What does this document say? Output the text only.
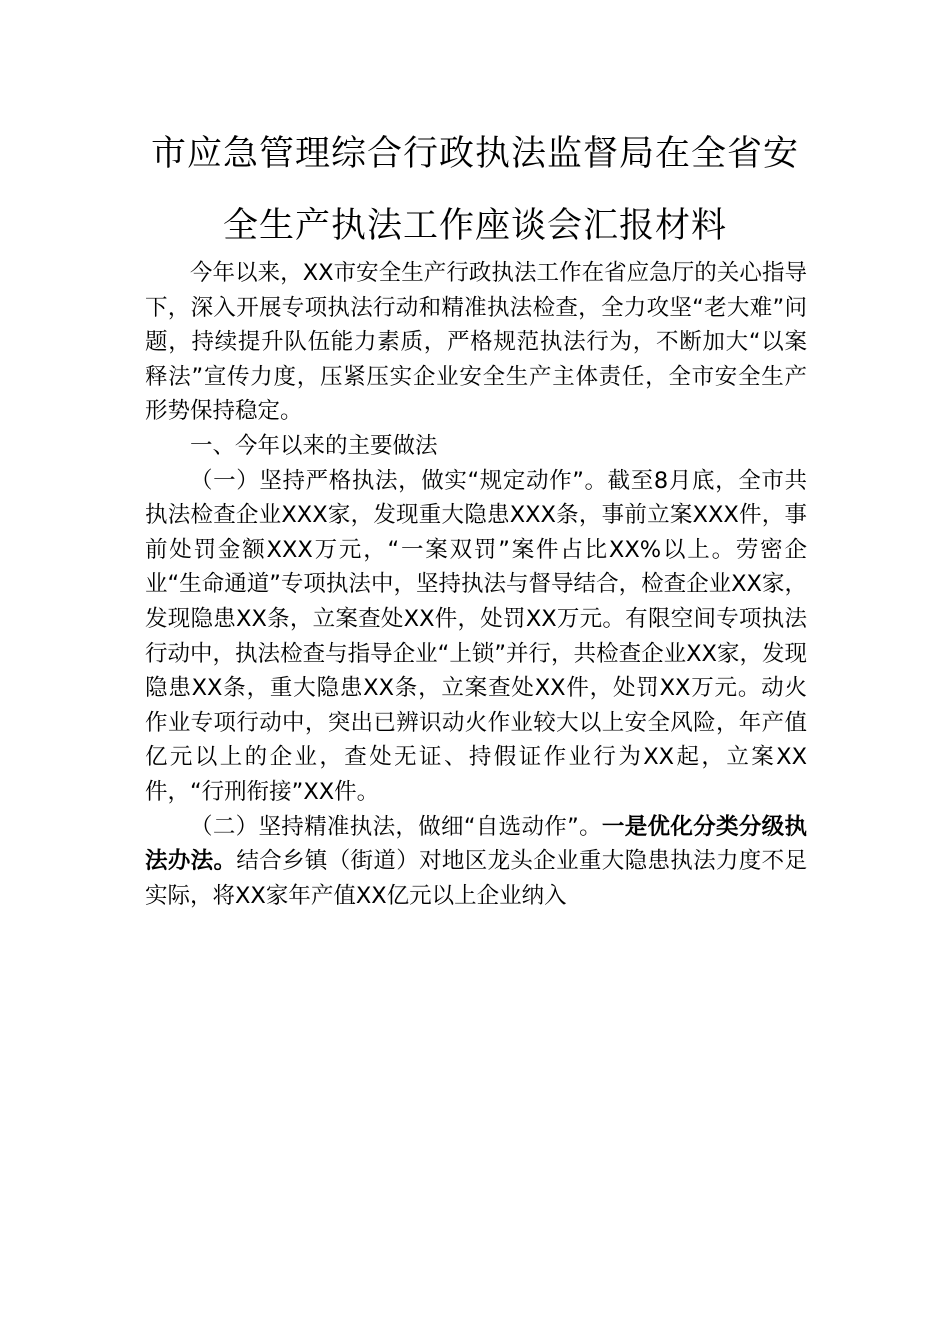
市应急管理综合行政执法监督局在全省安
全生产执法工作座谈会汇报材料

今年以来，XX市安全生产行政执法工作在省应急厅的关心指导下，深入开展专项执法行动和精准执法检查，全力攻坚“老大难”问题，持续提升队伍能力素质，严格规范执法行为，不断加大“以案释法”宣传力度，压紧压实企业安全生产主体责任，全市安全生产形势保持稳定。

一、今年以来的主要做法

（一）坚持严格执法，做实“规定动作”。截至8月底，全市共执法检查企业XXX家，发现重大隐患XXX条，事前立案XXX件，事前处罚金额XXX万元，“一案双罚”案件占比XX%以上。劳密企业“生命通道”专项执法中，坚持执法与督导结合，检查企业XX家，发现隐患XX条，立案查处XX件，处罚XX万元。有限空间专项执法行动中，执法检查与指导企业“上锁”并行，共检查企业XX家，发现隐患XX条，重大隐患XX条，立案查处XX件，处罚XX万元。动火作业专项行动中，突出已辨识动火作业较大以上安全风险，年产值亿元以上的企业，查处无证、持假证作业行为XX起，立案XX件，“行刑衔接”XX件。

（二）坚持精准执法，做细“自选动作”。一是优化分类分级执法办法。结合乡镇（街道）对地区龙头企业重大隐患执法力度不足实际，将XX家年产值XX亿元以上企业纳入
